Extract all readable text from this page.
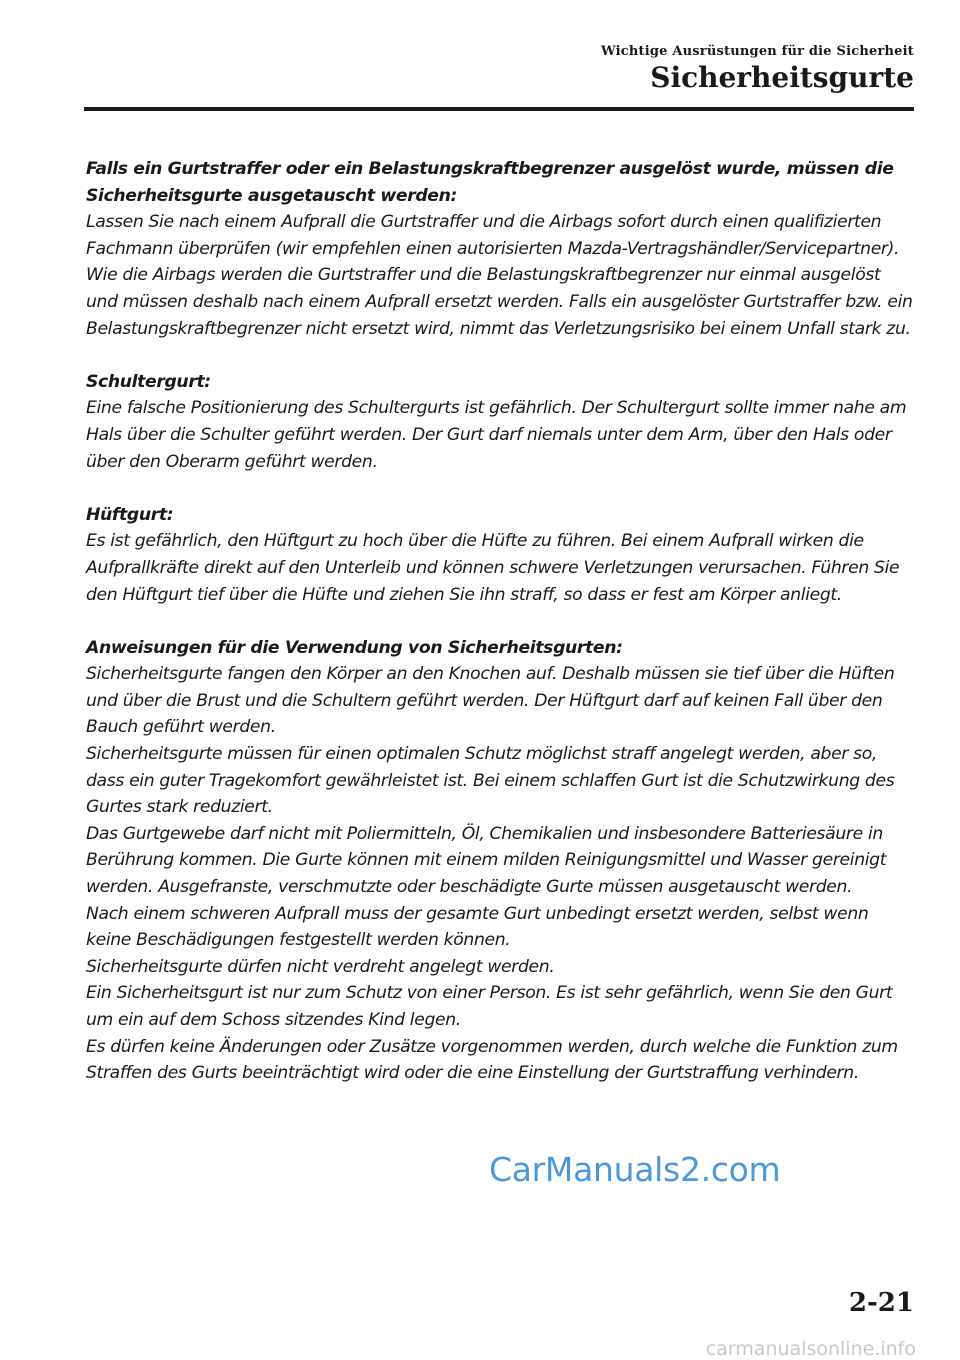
Wichtige Ausrüstungen für die Sicherheit

Sicherheitsgurte

Falls ein Gurtstraffer oder ein Belastungskraftbegrenzer ausgelöst wurde, müssen die Sicherheitsgurte ausgetauscht werden:

Lassen Sie nach einem Aufprall die Gurtstraffer und die Airbags sofort durch einen qualifizierten Fachmann überprüfen (wir empfehlen einen autorisierten Mazda-Vertragshändler/Servicepartner). Wie die Airbags werden die Gurtstraffer und die Belastungskraftbegrenzer nur einmal ausgelöst und müssen deshalb nach einem Aufprall ersetzt werden. Falls ein ausgelöster Gurtstraffer bzw. ein Belastungskraftbegrenzer nicht ersetzt wird, nimmt das Verletzungsrisiko bei einem Unfall stark zu.

Schultergurt:

Eine falsche Positionierung des Schultergurts ist gefährlich. Der Schultergurt sollte immer nahe am Hals über die Schulter geführt werden. Der Gurt darf niemals unter dem Arm, über den Hals oder über den Oberarm geführt werden.

Hüftgurt:

Es ist gefährlich, den Hüftgurt zu hoch über die Hüfte zu führen. Bei einem Aufprall wirken die Aufprallkräfte direkt auf den Unterleib und können schwere Verletzungen verursachen. Führen Sie den Hüftgurt tief über die Hüfte und ziehen Sie ihn straff, so dass er fest am Körper anliegt.

Anweisungen für die Verwendung von Sicherheitsgurten:

Sicherheitsgurte fangen den Körper an den Knochen auf. Deshalb müssen sie tief über die Hüften und über die Brust und die Schultern geführt werden. Der Hüftgurt darf auf keinen Fall über den Bauch geführt werden.

Sicherheitsgurte müssen für einen optimalen Schutz möglichst straff angelegt werden, aber so, dass ein guter Tragekomfort gewährleistet ist. Bei einem schlaffen Gurt ist die Schutzwirkung des Gurtes stark reduziert.

Das Gurtgewebe darf nicht mit Poliermitteln, Öl, Chemikalien und insbesondere Batteriesäure in Berührung kommen. Die Gurte können mit einem milden Reinigungsmittel und Wasser gereinigt werden. Ausgefranste, verschmutzte oder beschädigte Gurte müssen ausgetauscht werden.

Nach einem schweren Aufprall muss der gesamte Gurt unbedingt ersetzt werden, selbst wenn keine Beschädigungen festgestellt werden können.

Sicherheitsgurte dürfen nicht verdreht angelegt werden.

Ein Sicherheitsgurt ist nur zum Schutz von einer Person. Es ist sehr gefährlich, wenn Sie den Gurt um ein auf dem Schoss sitzendes Kind legen.

Es dürfen keine Änderungen oder Zusätze vorgenommen werden, durch welche die Funktion zum Straffen des Gurts beeinträchtigt wird oder die eine Einstellung der Gurtstraffung verhindern.

CarManuals2.com
2-21
carmanualsonline.info
